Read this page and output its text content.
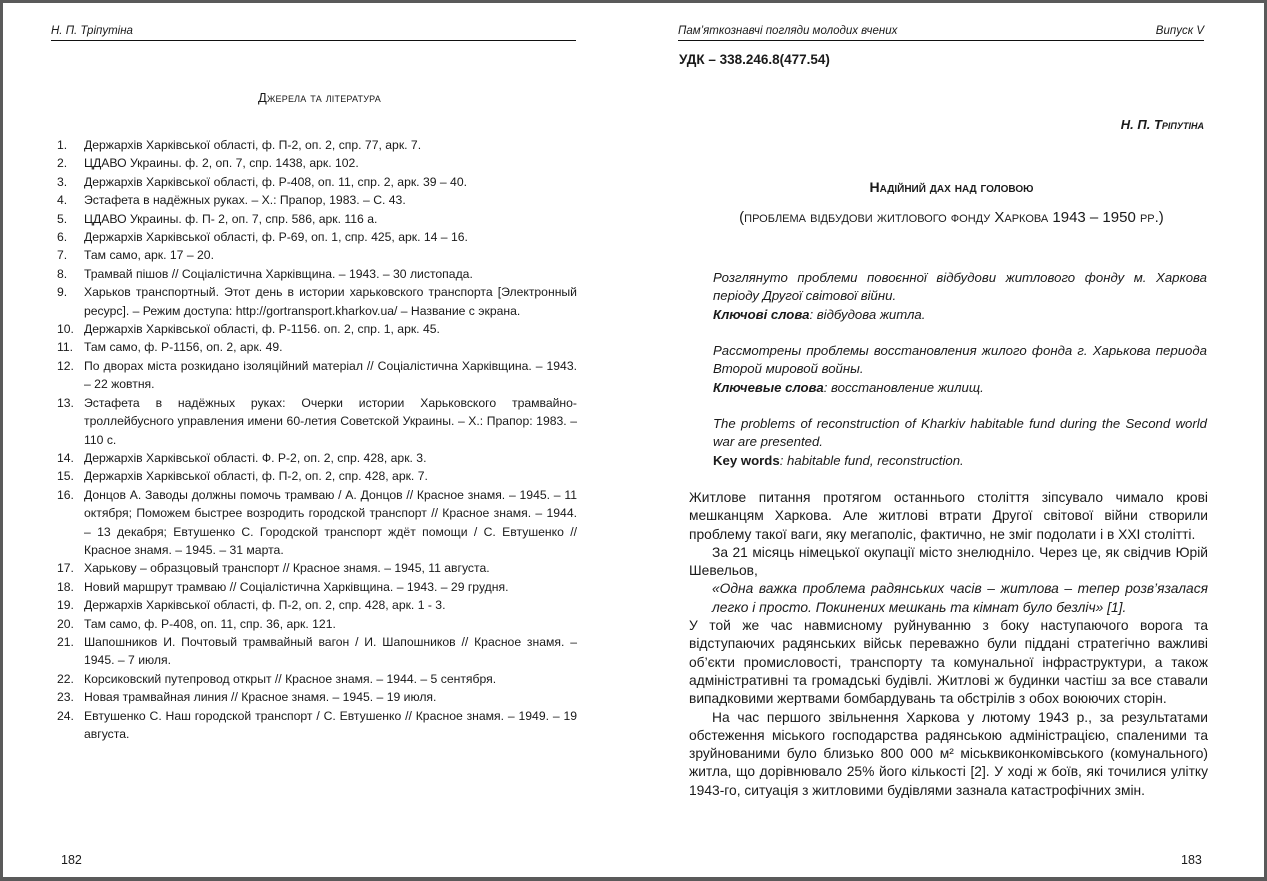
Н. П. Тріпутіна
Джерела та література
1. Держархів Харківської області, ф. П-2, оп. 2, спр. 77, арк. 7.
2. ЦДАВО Украины. ф. 2, оп. 7, спр. 1438, арк. 102.
3. Держархів Харківської області, ф. Р-408, оп. 11, спр. 2, арк. 39 – 40.
4. Эстафета в надёжных руках. – Х.: Прапор, 1983. – С. 43.
5. ЦДАВО Украины. ф. П- 2, оп. 7, спр. 586, арк. 116 а.
6. Держархів Харківської області, ф. Р-69, оп. 1, спр. 425, арк. 14 – 16.
7. Там само, арк. 17 – 20.
8. Трамвай пішов // Соціалістична Харківщина. – 1943. – 30 листопада.
9. Харьков транспортный. Этот день в истории харьковского транспорта [Электронный ресурс]. – Режим доступа: http://gortransport.kharkov.ua/ – Название с экрана.
10. Держархів Харківської області, ф. Р-1156. оп. 2, спр. 1, арк. 45.
11. Там само, ф. Р-1156, оп. 2, арк. 49.
12. По дворах міста розкидано ізоляційний матеріал // Соціалістична Харківщина. – 1943. – 22 жовтня.
13. Эстафета в надёжных руках: Очерки истории Харьковского трамвайно-троллейбусного управления имени 60-летия Советской Украины. – Х.: Прапор: 1983. – 110 с.
14. Держархів Харківської області. Ф. Р-2, оп. 2, спр. 428, арк. 3.
15. Держархів Харківської області, ф. П-2, оп. 2, спр. 428, арк. 7.
16. Донцов А. Заводы должны помочь трамваю / А. Донцов // Красное знамя. – 1945. – 11 октября; Поможем быстрее возродить городской транспорт // Красное знамя. – 1944. – 13 декабря; Евтушенко С. Городской транспорт ждёт помощи / С. Евтушенко // Красное знамя. – 1945. – 31 марта.
17. Харькову – образцовый транспорт // Красное знамя. – 1945, 11 августа.
18. Новий маршрут трамваю // Соціалістична Харківщина. – 1943. – 29 грудня.
19. Держархів Харківської області, ф. П-2, оп. 2, спр. 428, арк. 1 - 3.
20. Там само, ф. Р-408, оп. 11, спр. 36, арк. 121.
21. Шапошников И. Почтовый трамвайный вагон / И. Шапошников // Красное знамя. – 1945. – 7 июля.
22. Корсиковский путепровод открыт // Красное знамя. – 1944. – 5 сентября.
23. Новая трамвайная линия // Красное знамя. – 1945. – 19 июля.
24. Евтушенко С. Наш городской транспорт / С. Евтушенко // Красное знамя. – 1949. – 19 августа.
182
Пам’яткознавчі погляди молодих вчених	Випуск V
УДК – 338.246.8(477.54)
Н. П. Тріпутіна
Надійний дах над головою
(проблема відбудови житлового фонду Харкова 1943 – 1950 рр.)
Розглянуто проблеми повоєнної відбудови житлового фонду м. Харкова періоду Другої світової війни.
Ключові слова: відбудова житла.
Рассмотрены проблемы восстановления жилого фонда г. Харькова периода Второй мировой войны.
Ключевые слова: восстановление жилищ.
The problems of reconstruction of Kharkiv habitable fund during the Second world war are presented.
Key words: habitable fund, reconstruction.

Житлове питання протягом останнього століття зіпсувало чимало крові мешканцям Харкова. Але житлові втрати Другої світової війни створили проблему такої ваги, яку мегаполіс, фактично, не зміг подолати і в ХХІ столітті.

За 21 місяць німецької окупації місто знелюдніло. Через це, як свідчив Юрій Шевельов,

«Одна важка проблема радянських часів – житлова – тепер розв’язалася легко і просто. Покинених мешкань та кімнат було безліч» [1].

У той же час навмисному руйнуванню з боку наступаючого ворога та відступаючих радянських військ переважно були піддані стратегічно важливі об’єкти промисловості, транспорту та комунальної інфраструктури, а також адміністративні та громадські будівлі. Житлові ж будинки частіш за все ставали випадковими жертвами бомбардувань та обстрілів з обох воюючих сторін.

На час першого звільнення Харкова у лютому 1943 р., за результатами обстеження міського господарства радянською адміністрацією, спаленими та зруйнованими було близько 800 000 м² міськвиконкомівського (комунального) житла, що дорівнювало 25% його кількості [2]. У ході ж боїв, які точилися улітку 1943-го, ситуація з житловими будівлями зазнала катастрофічних змін.

183
